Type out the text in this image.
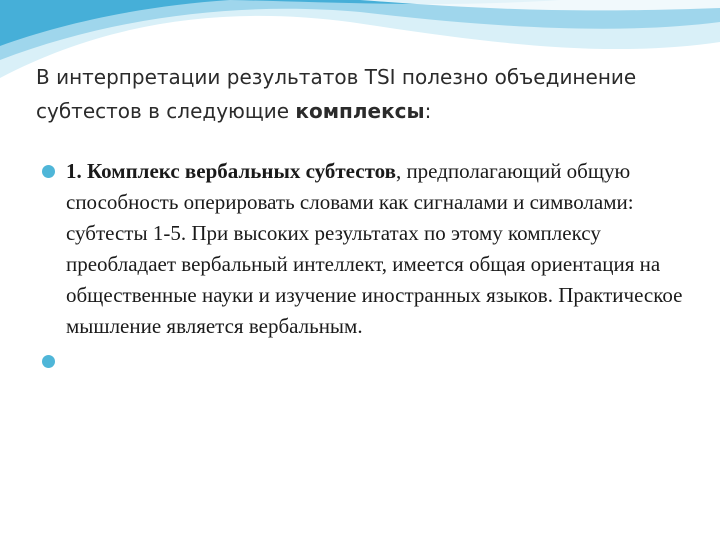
В интерпретации результатов TSI полезно объединение субтестов в следующие комплексы:
1. Комплекс вербальных субтестов, предполагающий общую способность оперировать словами как сигналами и символами: субтесты 1-5. При высоких результатах по этому комплексу преобладает вербальный интеллект, имеется общая ориентация на общественные науки и изучение иностранных языков. Практическое мышление является вербальным.
